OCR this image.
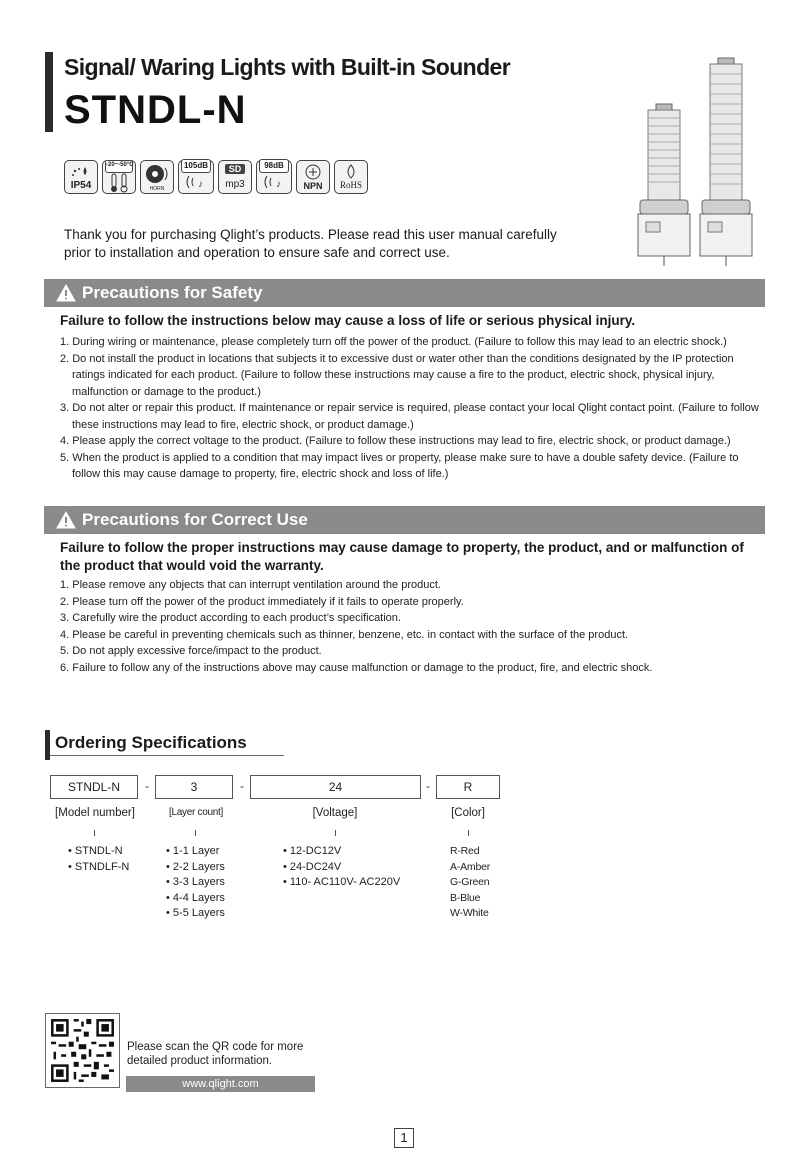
Signal/ Waring Lights with Built-in Sounder
STNDL-N
IP54
-20~-50°C
HORN
105dB
♪
SD
mp3
98dB
♪	NPN	RoHS
Thank you for purchasing Qlight’s products. Please read this user manual carefully prior to installation and operation to ensure safe and correct use.
Precautions for Safety
Failure to follow the instructions below may cause a loss of life or serious physical injury.
1. During wiring or maintenance, please completely turn off the power of the product. (Failure to follow this may lead to an electric shock.)
2. Do not install the product in locations that subjects it to excessive dust or water other than the conditions designated by the IP protection ratings indicated for each product. (Failure to follow these instructions may cause a fire to the product, electric shock, physical injury, malfunction or damage to the product.)
3. Do not alter or repair this product. If maintenance or repair service is required, please contact your local Qlight contact point. (Failure to follow these instructions may lead to fire, electric shock, or product damage.)
4. Please apply the correct voltage to the product. (Failure to follow these instructions may lead to fire, electric shock, or product damage.)
5. When the product is applied to a condition that may impact lives or property, please make sure to have a double safety device. (Failure to follow this may cause damage to property, fire, electric shock and loss of life.)
Precautions for Correct Use
Failure to follow the proper instructions may cause damage to property, the product, and or malfunction of the product that would void the warranty.
1. Please remove any objects that can interrupt ventilation around the product.
2. Please turn off the power of the product immediately if it fails to operate properly.
3. Carefully wire the product according to each product’s specification.
4. Please be careful in preventing chemicals such as thinner, benzene, etc. in contact with the surface of the product.
5. Do not apply excessive force/impact to the product.
6. Failure to follow any of the instructions above may cause malfunction or damage to the product, fire, and electric shock.
Ordering Specifications
STNDL-N	-	3	-	24	-	R
[Model number]	[Layer count]	[Voltage]	[Color]
• STNDL-N
• STNDLF-N
• 1-1 Layer
• 2-2 Layers
• 3-3 Layers
• 4-4 Layers
• 5-5 Layers
• 12-DC12V
• 24-DC24V
• 110- AC110V- AC220V
R-Red
A-Amber
G-Green
B-Blue
W-White
Please scan the QR code for more detailed product information.
www.qlight.com
1
